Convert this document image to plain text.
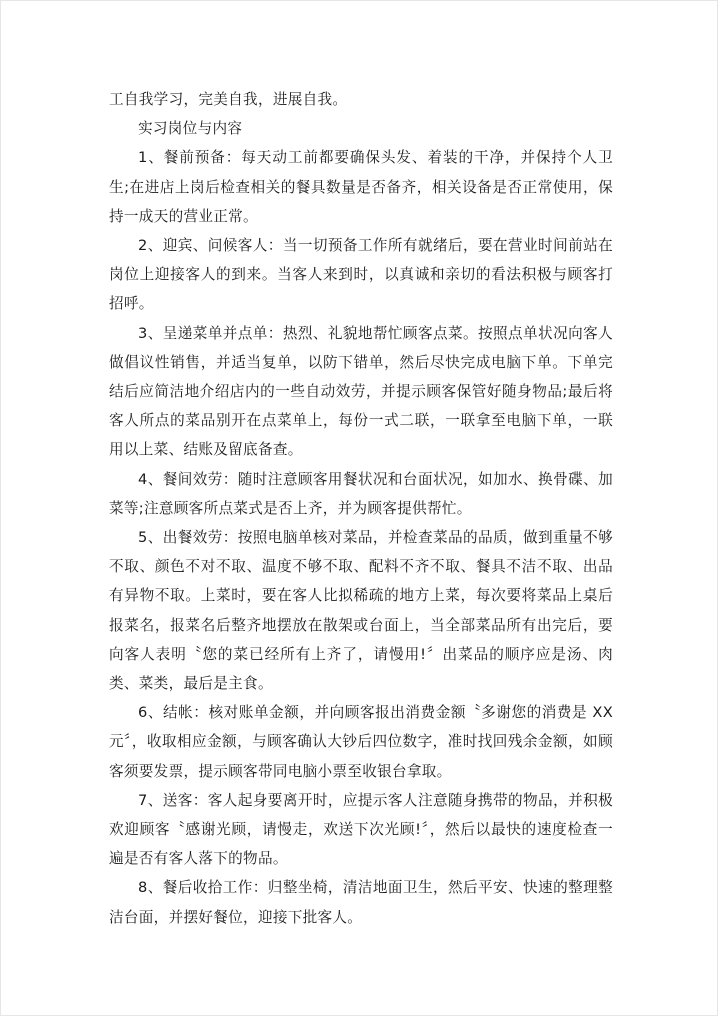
工自我学习，完美自我，进展自我。

实习岗位与内容

1、餐前预备：每天动工前都要确保头发、着装的干净，并保持个人卫生;在进店上岗后检查相关的餐具数量是否备齐，相关设备是否正常使用，保持一成天的营业正常。

2、迎宾、问候客人：当一切预备工作所有就绪后，要在营业时间前站在岗位上迎接客人的到来。当客人来到时，以真诚和亲切的看法积极与顾客打招呼。

3、呈递菜单并点单：热烈、礼貌地帮忙顾客点菜。按照点单状况向客人做倡议性销售，并适当复单，以防下错单，然后尽快完成电脑下单。下单完结后应简洁地介绍店内的一些自动效劳，并提示顾客保管好随身物品;最后将客人所点的菜品别开在点菜单上，每份一式二联，一联拿至电脑下单，一联用以上菜、结账及留底备查。

4、餐间效劳：随时注意顾客用餐状况和台面状况，如加水、换骨碟、加菜等;注意顾客所点菜式是否上齐，并为顾客提供帮忙。

5、出餐效劳：按照电脑单核对菜品，并检查菜品的品质，做到重量不够不取、颜色不对不取、温度不够不取、配料不齐不取、餐具不洁不取、出品有异物不取。上菜时，要在客人比拟稀疏的地方上菜，每次要将菜品上桌后报菜名，报菜名后整齐地摆放在散架或台面上，当全部菜品所有出完后，要向客人表明〝您的菜已经所有上齐了，请慢用!〞出菜品的顺序应是汤、肉类、菜类，最后是主食。

6、结帐：核对账单金额，并向顾客报出消费金额〝多谢您的消费是 XX 元〞，收取相应金额，与顾客确认大钞后四位数字，准时找回残余金额，如顾客须要发票，提示顾客带同电脑小票至收银台拿取。

7、送客：客人起身要离开时，应提示客人注意随身携带的物品，并积极欢迎顾客〝感谢光顾，请慢走，欢送下次光顾!〞，然后以最快的速度检查一遍是否有客人落下的物品。

8、餐后收拾工作：归整坐椅，清洁地面卫生，然后平安、快速的整理整洁台面，并摆好餐位，迎接下批客人。
